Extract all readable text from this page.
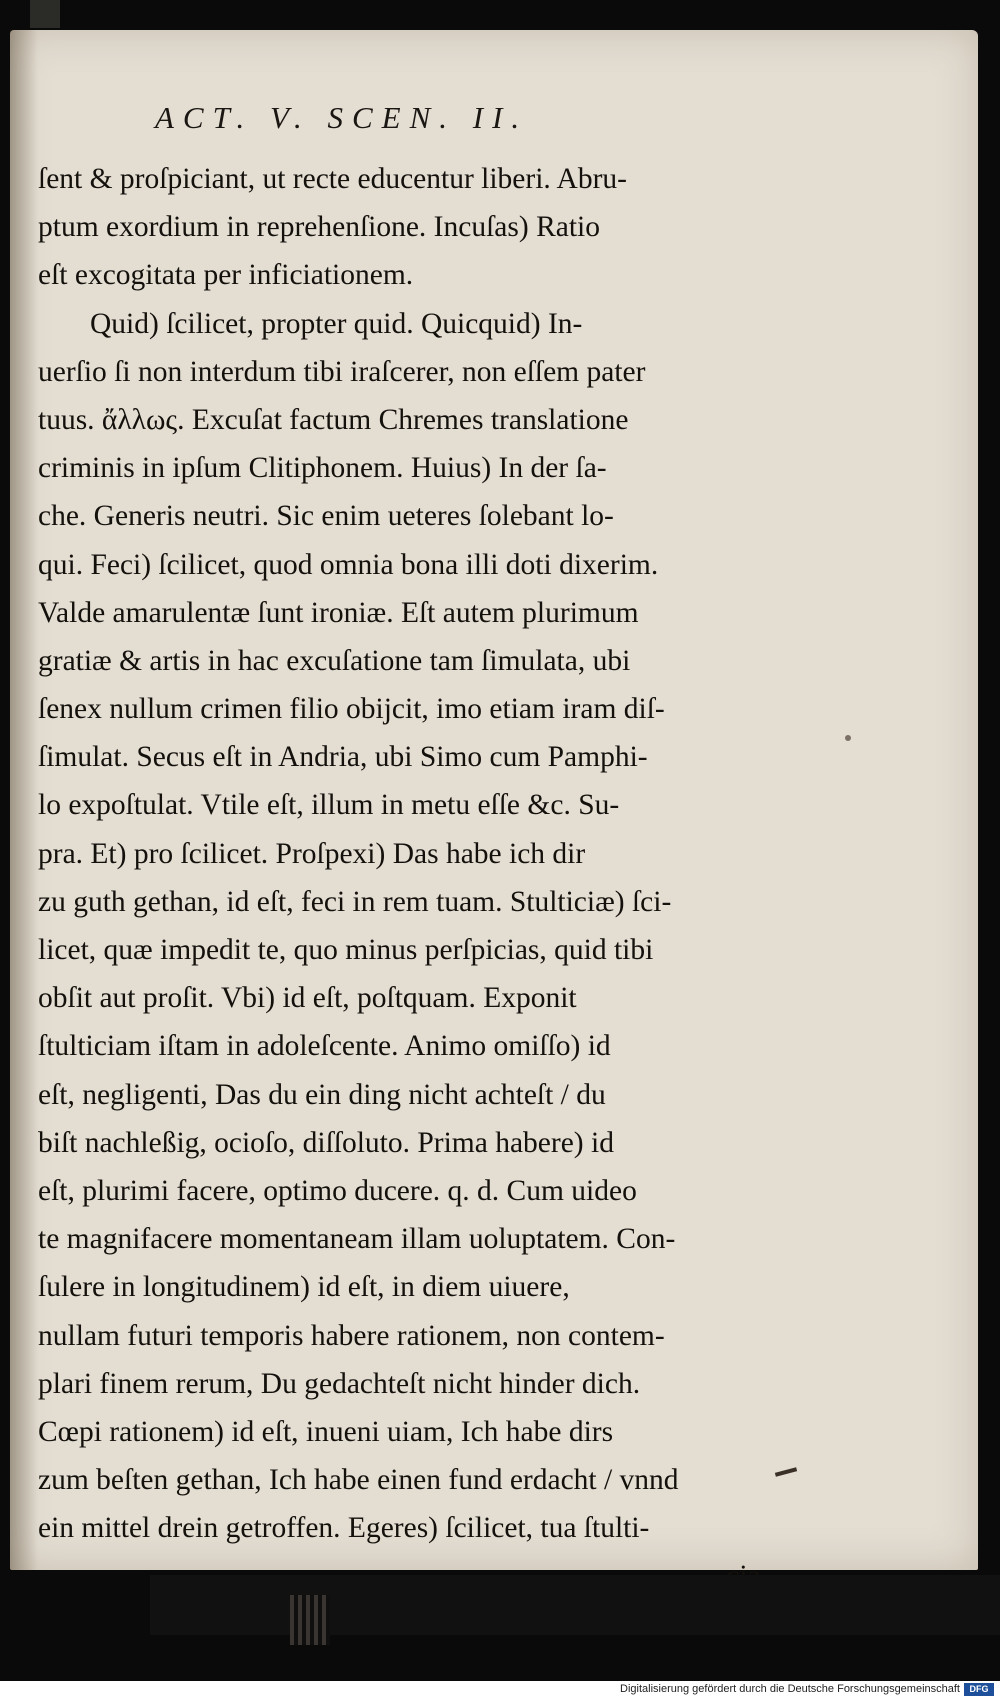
ACT. V. SCEN. II.
ſent & proſpiciant, ut recte educentur liberi. Abru-
ptum exordium in reprehenſione. Incuſas) Ratio
eſt excogitata per inficiationem.
Quid) ſcilicet, propter quid. Quicquid) In-
uerſio ſi non interdum tibi iraſcerer, non eſſem pater
tuus. ἄλλως. Excuſat factum Chremes translatione
criminis in ipſum Clitiphonem. Huius) In der ſa-
che. Generis neutri. Sic enim ueteres ſolebant lo-
qui. Feci) ſcilicet, quod omnia bona illi doti dixerim.
Valde amarulentæ ſunt ironiæ. Eſt autem plurimum
gratiæ & artis in hac excuſatione tam ſimulata, ubi
ſenex nullum crimen filio obijcit, imo etiam iram diſ-
ſimulat. Secus eſt in Andria, ubi Simo cum Pamphi-
lo expoſtulat. Vtile eſt, illum in metu eſſe &c. Su-
pra. Et) pro ſcilicet. Proſpexi) Das habe ich dir
zu guth gethan, id eſt, feci in rem tuam. Stulticiæ) ſci-
licet, quæ impedit te, quo minus perſpicias, quid tibi
obſit aut proſit. Vbi) id eſt, poſtquam. Exponit
ſtulticiam iſtam in adoleſcente. Animo omiſſo) id
eſt, negligenti, Das du ein ding nicht achteſt / du
biſt nachleßig, ocioſo, diſſoluto. Prima habere) id
eſt, plurimi facere, optimo ducere. q. d. Cum uideo
te magnifacere momentaneam illam uoluptatem. Con-
ſulere in longitudinem) id eſt, in diem uiuere,
nullam futuri temporis habere rationem, non contem-
plari finem rerum, Du gedachteſt nicht hinder dich.
Cœpi rationem) id eſt, inueni uiam, Ich habe dirs
zum beſten gethan, Ich habe einen fund erdacht / vnnd
ein mittel drein getroffen. Egeres) ſcilicet, tua ſtulti-
Digitalisierung gefördert durch die Deutsche Forschungsgemeinschaft	DFG
